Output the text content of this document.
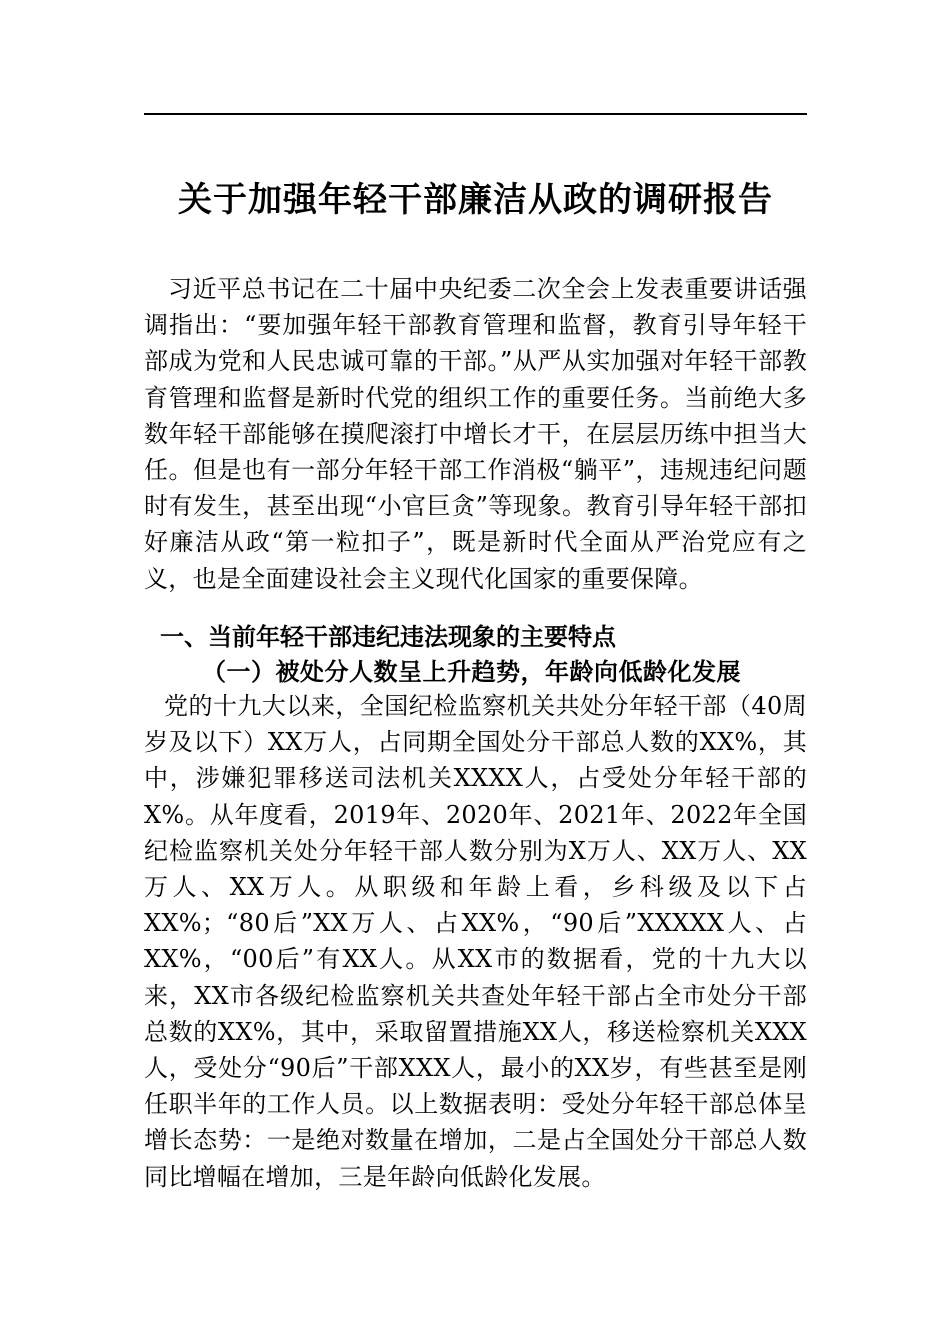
关于加强年轻干部廉洁从政的调研报告
习近平总书记在二十届中央纪委二次全会上发表重要讲话强调指出：“要加强年轻干部教育管理和监督，教育引导年轻干部成为党和人民忠诚可靠的干部。”从严从实加强对年轻干部教育管理和监督是新时代党的组织工作的重要任务。当前绝大多数年轻干部能够在摸爬滚打中增长才干，在层层历练中担当大任。但是也有一部分年轻干部工作消极“躺平”，违规违纪问题时有发生，甚至出现“小官巨贪”等现象。教育引导年轻干部扣好廉洁从政“第一粒扣子”，既是新时代全面从严治党应有之义，也是全面建设社会主义现代化国家的重要保障。
一、当前年轻干部违纪违法现象的主要特点
（一）被处分人数呈上升趋势，年龄向低龄化发展
党的十九大以来，全国纪检监察机关共处分年轻干部（40周岁及以下）XX万人，占同期全国处分干部总人数的XX%，其中，涉嫌犯罪移送司法机关XXXX人，占受处分年轻干部的X%。从年度看，2019年、2020年、2021年、2022年全国纪检监察机关处分年轻干部人数分别为X万人、XX万人、XX万人、XX万人。从职级和年龄上看，乡科级及以下占XX%；“80后”XX万人、占XX%，“90后”XXXXX人、占XX%，“00后”有XX人。从XX市的数据看，党的十九大以来，XX市各级纪检监察机关共查处年轻干部占全市处分干部总数的XX%，其中，采取留置措施XX人，移送检察机关XXX人，受处分“90后”干部XXX人，最小的XX岁，有些甚至是刚任职半年的工作人员。以上数据表明：受处分年轻干部总体呈增长态势：一是绝对数量在增加，二是占全国处分干部总人数同比增幅在增加，三是年龄向低龄化发展。
